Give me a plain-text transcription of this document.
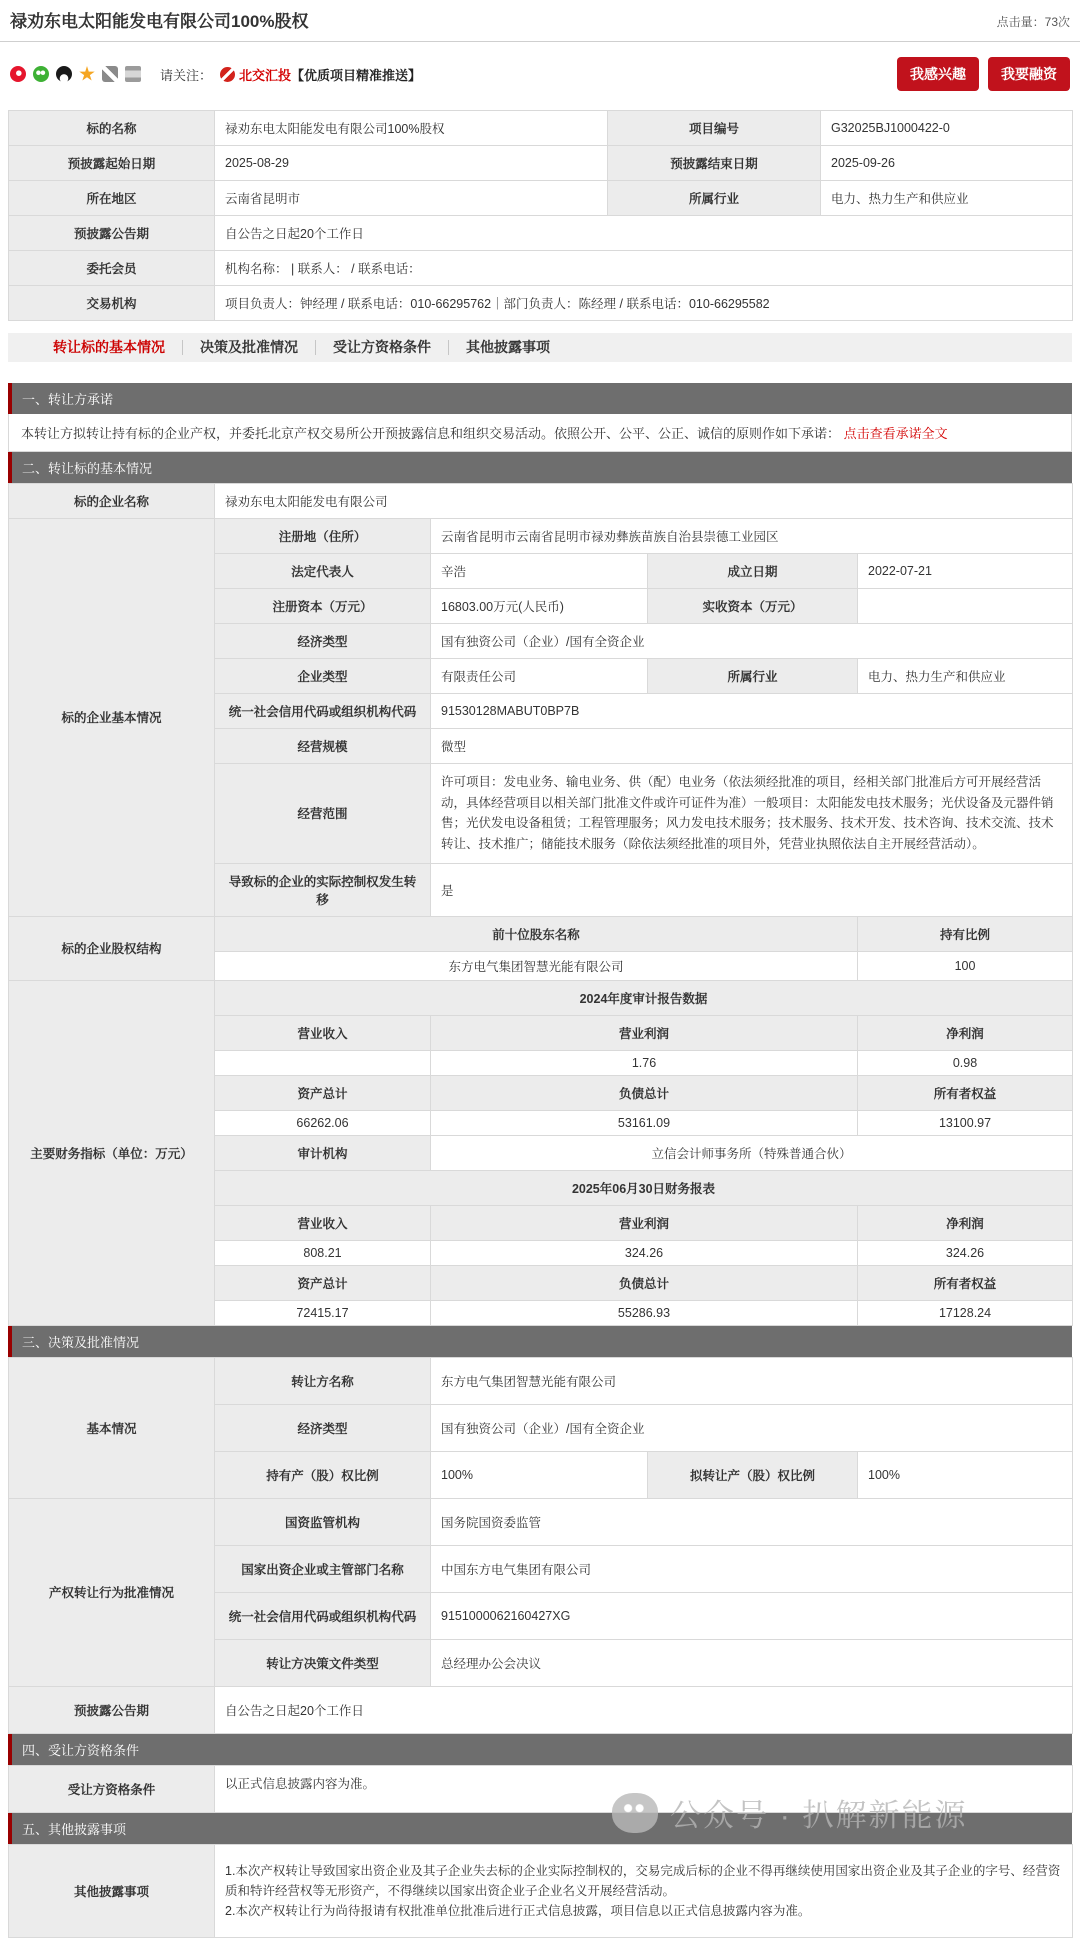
禄劝东电太阳能发电有限公司100%股权	点击量：73次
请关注： 北交汇投 【优质项目精准推送】	我感兴趣	我要融资
标的名称	禄劝东电太阳能发电有限公司100%股权	项目编号	G32025BJ1000422-0
预披露起始日期	2025-08-29	预披露结束日期	2025-09-26
所在地区	云南省昆明市	所属行业	电力、热力生产和供应业
预披露公告期	自公告之日起20个工作日		
委托会员	机构名称： | 联系人： / 联系电话：		
交易机构	项目负责人：钟经理 / 联系电话：010-66295762｜部门负责人：陈经理 / 联系电话：010-66295582		
转让标的基本情况	决策及批准情况	受让方资格条件	其他披露事项
一、转让方承诺
本转让方拟转让持有标的企业产权，并委托北京产权交易所公开预披露信息和组织交易活动。依照公开、公平、公正、诚信的原则作如下承诺： 点击查看承诺全文
二、转让标的基本情况
标的企业名称	禄劝东电太阳能发电有限公司			
标的企业基本情况	注册地（住所）	云南省昆明市云南省昆明市禄劝彝族苗族自治县崇德工业园区		
	法定代表人	辛浩	成立日期	2022-07-21
	注册资本（万元）	16803.00万元(人民币)	实收资本（万元）	
	经济类型	国有独资公司（企业）/国有全资企业		
	企业类型	有限责任公司	所属行业	电力、热力生产和供应业
	统一社会信用代码或组织机构代码	91530128MABUT0BP7B		
	经营规模	微型		
	经营范围	许可项目：发电业务、输电业务、供（配）电业务（依法须经批准的项目，经相关部门批准后方可开展经营活动，具体经营项目以相关部门批准文件或许可证件为准）一般项目：太阳能发电技术服务；光伏设备及元器件销售；光伏发电设备租赁；工程管理服务；风力发电技术服务；技术服务、技术开发、技术咨询、技术交流、技术转让、技术推广；储能技术服务（除依法须经批准的项目外，凭营业执照依法自主开展经营活动）。		
	导致标的企业的实际控制权发生转移	是		
标的企业股权结构	前十位股东名称			持有比例
	东方电气集团智慧光能有限公司			100
主要财务指标（单位：万元）	2024年度审计报告数据			
	营业收入	营业利润		净利润
		1.76		0.98
	资产总计	负债总计		所有者权益
	66262.06	53161.09		13100.97
	审计机构	立信会计师事务所（特殊普通合伙）		
	2025年06月30日财务报表			
	营业收入	营业利润		净利润
	808.21	324.26		324.26
	资产总计	负债总计		所有者权益
	72415.17	55286.93		17128.24
三、决策及批准情况
基本情况	转让方名称	东方电气集团智慧光能有限公司		
	经济类型	国有独资公司（企业）/国有全资企业		
	持有产（股）权比例	100%	拟转让产（股）权比例	100%
产权转让行为批准情况	国资监管机构	国务院国资委监管		
	国家出资企业或主管部门名称	中国东方电气集团有限公司		
	统一社会信用代码或组织机构代码	9151000062160427XG		
	转让方决策文件类型	总经理办公会决议		
预披露公告期	自公告之日起20个工作日			
四、受让方资格条件
受让方资格条件	以正式信息披露内容为准。
五、其他披露事项
其他披露事项	
1.本次产权转让导致国家出资企业及其子企业失去标的企业实际控制权的，交易完成后标的企业不得再继续使用国家出资企业及其子企业的字号、经营资质和特许经营权等无形资产，不得继续以国家出资企业子企业名义开展经营活动。
2.本次产权转让行为尚待报请有权批准单位批准后进行正式信息披露，项目信息以正式信息披露内容为准。
公众号 · 扒解新能源
